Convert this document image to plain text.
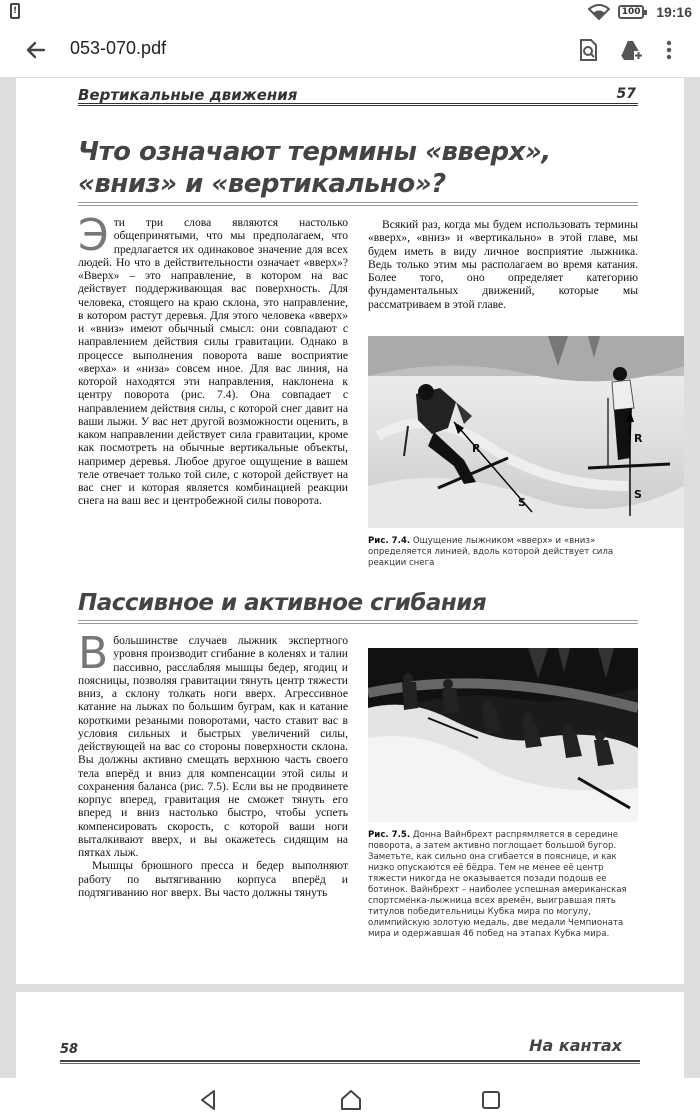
!	100 19:16
053-070.pdf
Вертикальные движения	57
Что означают термины «вверх»,
«вниз» и «вертикально»?

Эти три слова являются настолько общепринятыми, что мы предполагаем, что предлагается их одинаковое значение для всех людей. Но что в действительности означает «вверх»? «Вверх» – это направление, в котором на вас действует поддерживающая вас поверхность. Для человека, стоящего на краю склона, это направление, в котором растут деревья. Для этого человека «вверх» и «вниз» имеют обычный смысл: они совпадают с направлением действия силы гравитации. Однако в процессе выполнения поворота ваше восприятие «верха» и «низа» совсем иное. Для вас линия, на которой находятся эти направления, наклонена к центру поворота (рис. 7.4). Она совпадает с направлением действия силы, с которой снег давит на ваши лыжи. У вас нет другой возможности оценить, в каком направлении действует сила гравитации, кроме как посмотреть на обычные вертикальные объекты, например деревья. Любое другое ощущение в вашем теле отвечает только той силе, с которой действует на вас снег и которая является комбинацией реакции снега на ваш вес и центробежной силы поворота.

Всякий раз, когда мы будем использовать термины «вверх», «вниз» и «вертикально» в этой главе, мы будем иметь в виду личное восприятие лыжника. Ведь только этим мы располагаем во время катания. Более того, оно определяет категорию фундаментальных движений, которые мы рассматриваем в этой главе.

R
S
R
S
Рис. 7.4. Ощущение лыжником «вверх» и «вниз» определяется линией, вдоль которой действует сила реакции снега
Пассивное и активное сгибания

Вбольшинстве случаев лыжник экспертного уровня производит сгибание в коленях и талии пассивно, расслабляя мышцы бедер, ягодиц и поясницы, позволяя гравитации тянуть центр тяжести вниз, а склону толкать ноги вверх. Агрессивное катание на лыжах по большим буграм, как и катание короткими резаными поворотами, часто ставит вас в условия сильных и быстрых увеличений силы, действующей на вас со стороны поверхности склона. Вы должны активно смещать верхнюю часть своего тела вперёд и вниз для компенсации этой силы и сохранения баланса (рис. 7.5). Если вы не продвинете корпус вперед, гравитация не сможет тянуть его вперед и вниз настолько быстро, чтобы успеть компенсировать скорость, с которой ваши ноги выталкивают вверх, и вы окажетесь сидящим на пятках лыж.

Мышцы брюшного пресса и бедер выполняют работу по вытягиванию корпуса вперёд и подтягиванию ног вверх. Вы часто должны тянуть

Рис. 7.5. Донна Вайнбрехт распрямляется в середине поворота, а затем активно поглощает большой бугор. Заметьте, как сильно она сгибается в пояснице, и как низко опускаются её бёдра. Тем не менее её центр тяжести никогда не оказывается позади подошв ее ботинок. Вайнбрехт – наиболее успешная американская спортсменка-лыжница всех времён, выигравшая пять титулов победительницы Кубка мира по могулу, олимпийскую золотую медаль, две медали Чемпионата мира и одержавшая 46 побед на этапах Кубка мира.
58	На кантах
